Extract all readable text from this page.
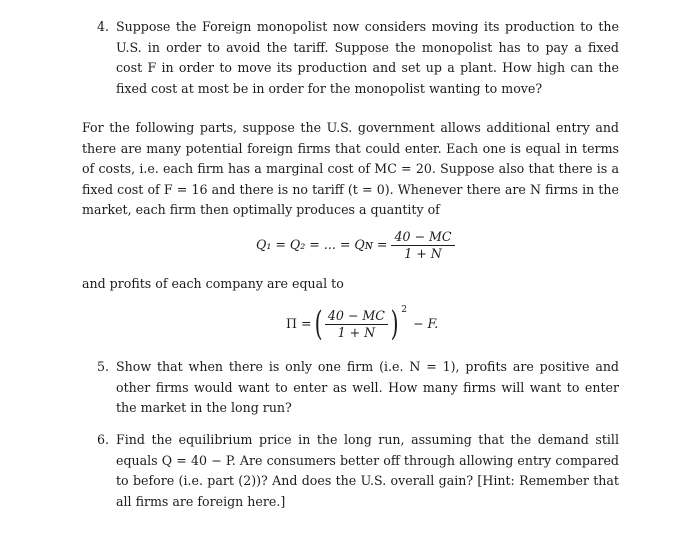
4. Suppose the Foreign monopolist now considers moving its production to the U.S. in order to avoid the tariff. Suppose the monopolist has to pay a fixed cost F in order to move its production and set up a plant. How high can the fixed cost at most be in order for the monopolist wanting to move?
For the following parts, suppose the U.S. government allows additional entry and there are many potential foreign firms that could enter. Each one is equal in terms of costs, i.e. each firm has a marginal cost of MC = 20. Suppose also that there is a fixed cost of F = 16 and there is no tariff (t = 0). Whenever there are N firms in the market, each firm then optimally produces a quantity of
Q₁ = Q₂ = ... = Qɴ = $\frac{40 - MC}{1 + N}$
and profits of each company are equal to
Π = ( $\frac{40 - MC}{1 + N}$ ) $^2$
− F.
5. Show that when there is only one firm (i.e. N = 1), profits are positive and other firms would want to enter as well. How many firms will want to enter the market in the long run?
6. Find the equilibrium price in the long run, assuming that the demand still equals Q = 40 − P. Are consumers better off through allowing entry compared to before (i.e. part (2))? And does the U.S. overall gain? [Hint: Remember that all firms are foreign here.]
